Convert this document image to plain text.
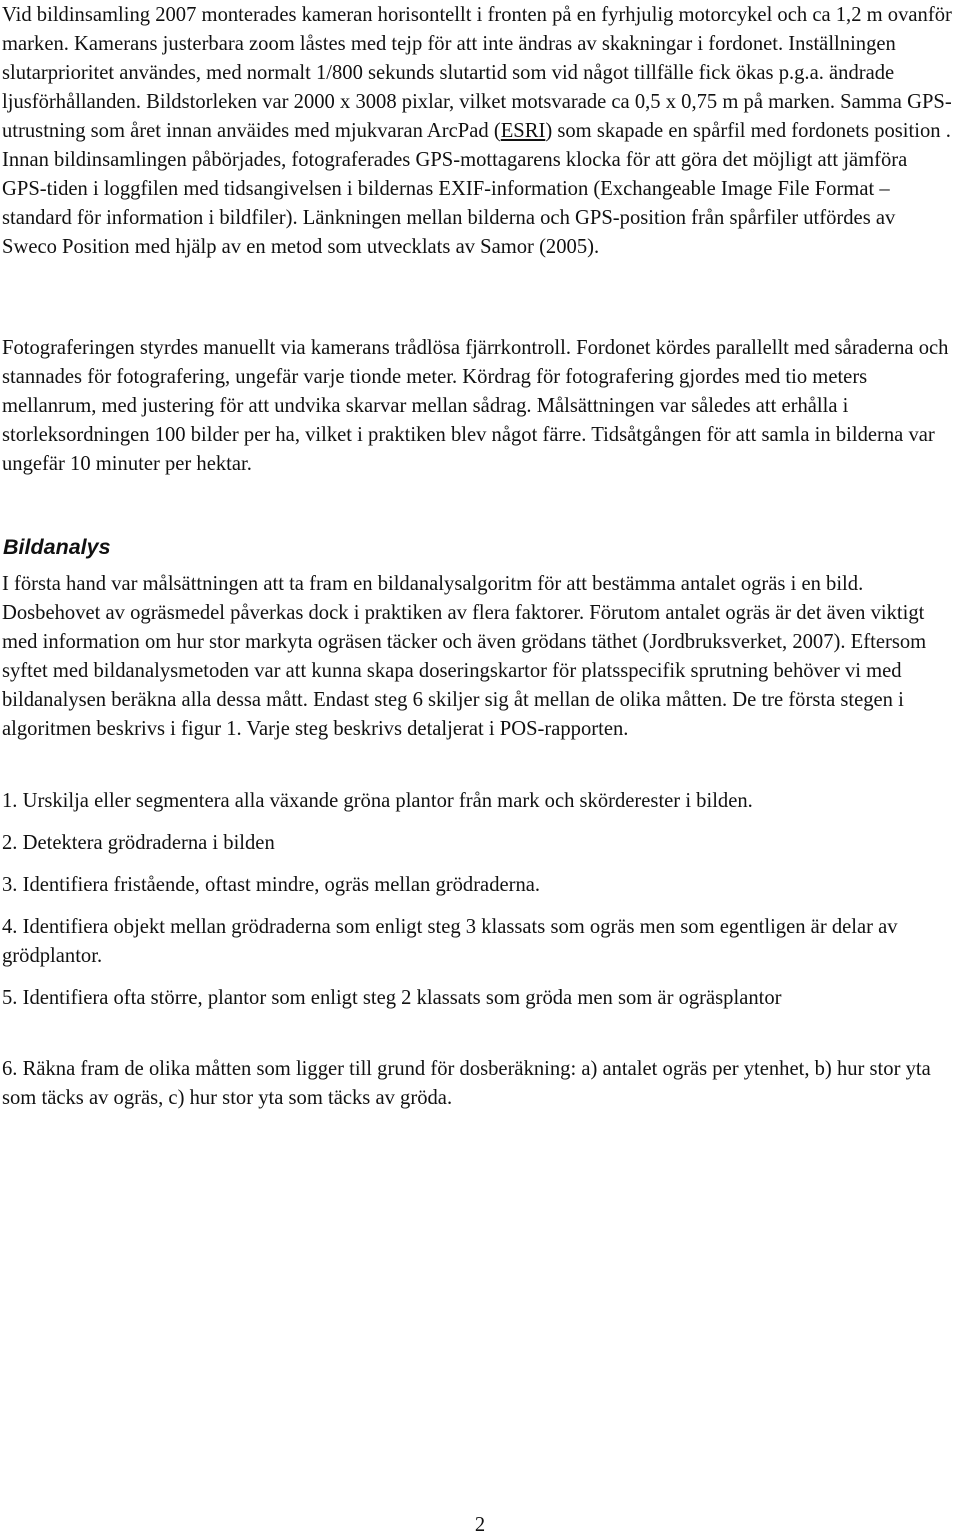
Vid bildinsamling 2007 monterades kameran horisontellt i fronten på en fyrhjulig motorcykel och ca 1,2 m ovanför marken. Kamerans justerbara zoom låstes med tejp för att inte ändras av skakningar i fordonet. Inställningen slutarprioritet användes, med normalt 1/800 sekunds slutartid som vid något tillfälle fick ökas p.g.a. ändrade ljusförhållanden. Bildstorleken var 2000 x 3008 pixlar, vilket motsvarade ca 0,5 x 0,75 m på marken. Samma GPS-utrustning som året innan anväides med mjukvaran ArcPad (ESRI) som skapade en spårfil med fordonets position . Innan bildinsamlingen påbörjades, fotograferades GPS-mottagarens klocka för att göra det möjligt att jämföra GPS-tiden i loggfilen med tidsangivelsen i bildernas EXIF-information (Exchangeable Image File Format – standard för information i bildfiler). Länkningen mellan bilderna och GPS-position från spårfiler utfördes av Sweco Position med hjälp av en metod som utvecklats av Samor (2005).

Fotograferingen styrdes manuellt via kamerans trådlösa fjärrkontroll. Fordonet kördes parallellt med såraderna och stannades för fotografering, ungefär varje tionde meter. Kördrag för fotografering gjordes med tio meters mellanrum, med justering för att undvika skarvar mellan sådrag. Målsättningen var således att erhålla i storleksordningen 100 bilder per ha, vilket i praktiken blev något färre. Tidsåtgången för att samla in bilderna var ungefär 10 minuter per hektar.

Bildanalys

I första hand var målsättningen att ta fram en bildanalysalgoritm för att bestämma antalet ogräs i en bild. Dosbehovet av ogräsmedel påverkas dock i praktiken av flera faktorer. Förutom antalet ogräs är det även viktigt med information om hur stor markyta ogräsen täcker och även grödans täthet (Jordbruksverket, 2007). Eftersom syftet med bildanalysmetoden var att kunna skapa doseringskartor för platsspecifik sprutning behöver vi med bildanalysen beräkna alla dessa mått. Endast steg 6 skiljer sig åt mellan de olika måtten. De tre första stegen i algoritmen beskrivs i figur 1. Varje steg beskrivs detaljerat i POS-rapporten.

1. Urskilja eller segmentera alla växande gröna plantor från mark och skörderester i bilden.

2. Detektera grödraderna i bilden

3. Identifiera fristående, oftast mindre, ogräs mellan grödraderna.

4. Identifiera objekt mellan grödraderna som enligt steg 3 klassats som ogräs men som egentligen är delar av grödplantor.

5. Identifiera ofta större, plantor som enligt steg 2 klassats som gröda men som är ogräsplantor

6. Räkna fram de olika måtten som ligger till grund för dosberäkning: a) antalet ogräs per ytenhet, b) hur stor yta som täcks av ogräs, c) hur stor yta som täcks av gröda.

2
